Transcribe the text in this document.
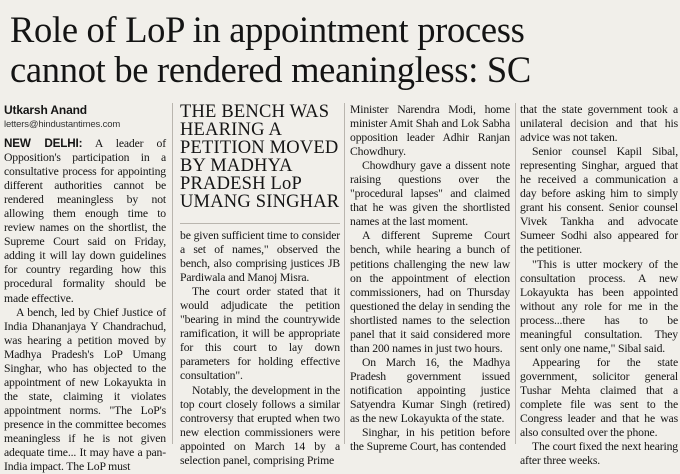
Role of LoP in appointment process
cannot be rendered meaningless: SC
Utkarsh Anand
letters@hindustantimes.com

NEW DELHI: A leader of Opposition's participation in a consultative process for appointing different authorities cannot be rendered meaningless by not allowing them enough time to review names on the shortlist, the Supreme Court said on Friday, adding it will lay down guidelines for country regarding how this procedural formality should be made effective.

A bench, led by Chief Justice of India Dhananjaya Y Chandrachud, was hearing a petition moved by Madhya Pradesh's LoP Umang Singhar, who has objected to the appointment of new Lokayukta in the state, claiming it violates appointment norms. "The LoP's presence in the committee becomes meaningless if he is not given adequate time... It may have a pan-India impact. The LoP must

THE BENCH WAS
HEARING A
PETITION MOVED
BY MADHYA
PRADESH LoP
UMANG SINGHAR

be given sufficient time to consider a set of names," observed the bench, also comprising justices JB Pardiwala and Manoj Misra.

The court order stated that it would adjudicate the petition "bearing in mind the countrywide ramification, it will be appropriate for this court to lay down parameters for holding effective consultation".

Notably, the development in the top court closely follows a similar controversy that erupted when two new election commissioners were appointed on March 14 by a selection panel, comprising Prime

Minister Narendra Modi, home minister Amit Shah and Lok Sabha opposition leader Adhir Ranjan Chowdhury.

Chowdhury gave a dissent note raising questions over the "procedural lapses" and claimed that he was given the shortlisted names at the last moment.

A different Supreme Court bench, while hearing a bunch of petitions challenging the new law on the appointment of election commissioners, had on Thursday questioned the delay in sending the shortlisted names to the selection panel that it said considered more than 200 names in just two hours.

On March 16, the Madhya Pradesh government issued notification appointing justice Satyendra Kumar Singh (retired) as the new Lokayukta of the state.

Singhar, in his petition before the Supreme Court, has contended

that the state government took a unilateral decision and that his advice was not taken.

Senior counsel Kapil Sibal, representing Singhar, argued that he received a communication a day before asking him to simply grant his consent. Senior counsel Vivek Tankha and advocate Sumeer Sodhi also appeared for the petitioner.

"This is utter mockery of the consultation process. A new Lokayukta has been appointed without any role for me in the process...there has to be meaningful consultation. They sent only one name," Sibal said.

Appearing for the state government, solicitor general Tushar Mehta claimed that a complete file was sent to the Congress leader and that he was also consulted over the phone.

The court fixed the next hearing after three weeks.
